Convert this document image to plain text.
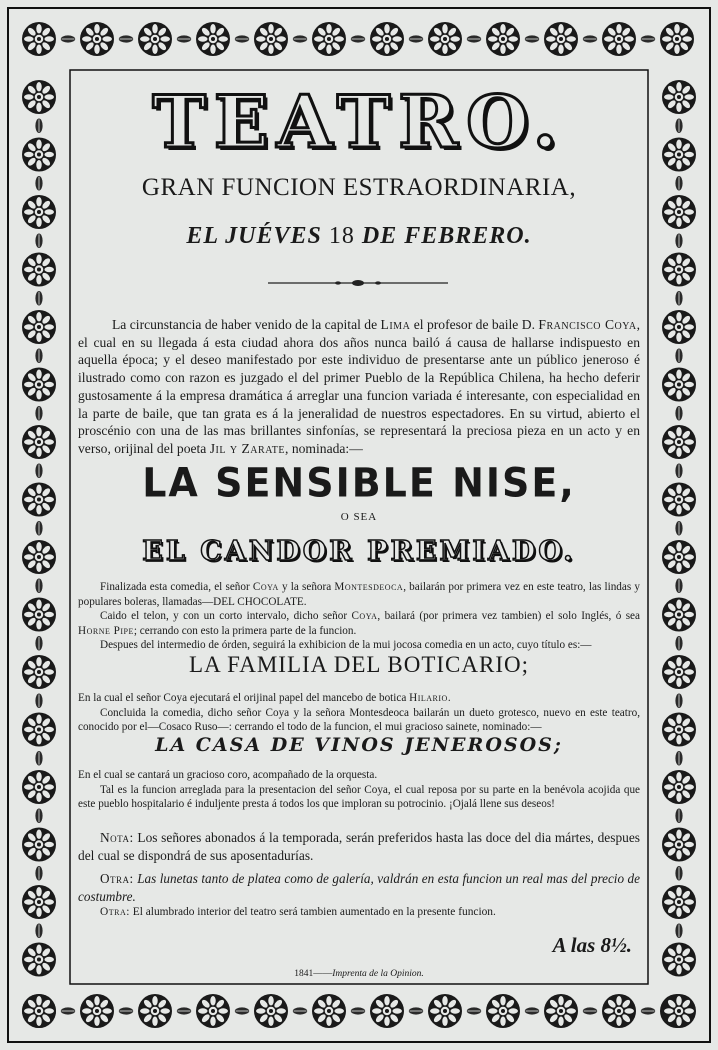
TEATRO.
GRAN FUNCION ESTRAORDINARIA,
EL JUÉVES 18 DE FEBRERO.
La circunstancia de haber venido de la capital de Lima el profesor de baile D. Francisco Coya, el cual en su llegada á esta ciudad ahora dos años nunca bailó á causa de hallarse indispuesto en aquella época; y el deseo manifestado por este individuo de presentarse ante un público jeneroso é ilustrado como con razon es juzgado el del primer Pueblo de la República Chilena, ha hecho deferir gustosamente á la empresa dramática á arreglar una funcion variada é interesante, con especialidad en la parte de baile, que tan grata es á la jeneralidad de nuestros espectadores. En su virtud, abierto el proscénio con una de las mas brillantes sinfonías, se representará la preciosa pieza en un acto y en verso, orijinal del poeta Jil y Zarate, nominada:—
LA SENSIBLE NISE,
O SEA
EL CANDOR PREMIADO.

Finalizada esta comedia, el señor Coya y la señora Montesdeoca, bailarán por primera vez en este teatro, las lindas y populares boleras, llamadas—DEL CHOCOLATE.

Caido el telon, y con un corto intervalo, dicho señor Coya, bailará (por primera vez tambien) el solo Inglés, ó sea Horne Pipe; cerrando con esto la primera parte de la funcion.

Despues del intermedio de órden, seguirá la exhibicion de la mui jocosa comedia en un acto, cuyo título es:—

LA FAMILIA DEL BOTICARIO;

En la cual el señor Coya ejecutará el orijinal papel del mancebo de botica Hilario.

Concluida la comedia, dicho señor Coya y la señora Montesdeoca bailarán un dueto grotesco, nuevo en este teatro, conocido por el—Cosaco Ruso—: cerrando el todo de la funcion, el mui gracioso sainete, nominado:—

LA CASA DE VINOS JENEROSOS;

En el cual se cantará un gracioso coro, acompañado de la orquesta.

Tal es la funcion arreglada para la presentacion del señor Coya, el cual reposa por su parte en la benévola acojida que este pueblo hospitalario é induljente presta á todos los que imploran su potrocinio. ¡Ojalá llene sus deseos!

Nota: Los señores abonados á la temporada, serán preferidos hasta las doce del dia mártes, despues del cual se dispondrá de sus aposentadurías.
Otra: Las lunetas tanto de platea como de galería, valdrán en esta funcion un real mas del precio de costumbre.
Otra: El alumbrado interior del teatro será tambien aumentado en la presente funcion.
A las 8½.
1841——Imprenta de la Opinion.
